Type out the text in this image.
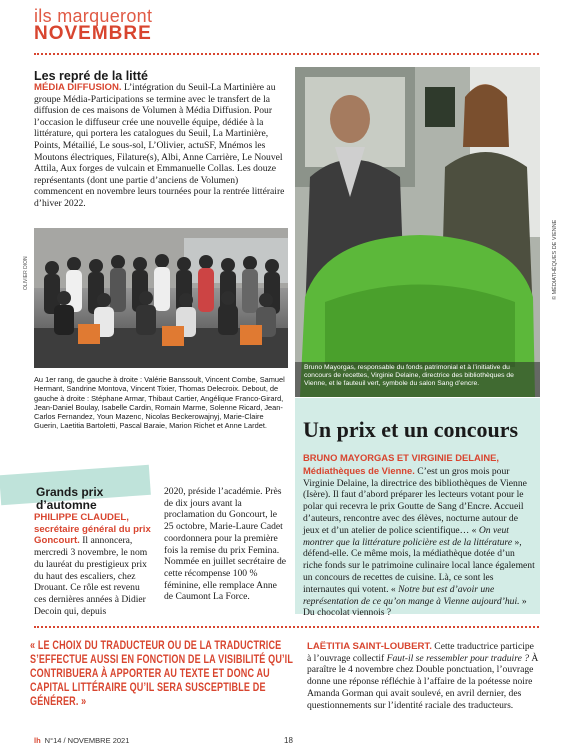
ils marqueront
NOVEMBRE
Les repré de la litté
MÉDIA DIFFUSION. L’intégration du Seuil-La Martinière au groupe Média-Participations se termine avec le transfert de la diffusion de ces maisons de Volumen à Média Diffusion. Pour l’occasion le diffuseur crée une nouvelle équipe, dédiée à la littérature, qui portera les catalogues du Seuil, La Martinière, Points, Métailié, Le sous-sol, L’Olivier, actuSF, Mnémos les Moutons électriques, Filature(s), Albi, Anne Carrière, Le Nouvel Attila, Aux forges de vulcain et Emmanuelle Collas. Les douze représentants (dont une partie d’anciens de Volumen) commencent en novembre leurs tournées pour la rentrée littéraire d’hiver 2022.
OLIVIER DION
Au 1er rang, de gauche à droite : Valérie Banssoult, Vincent Combe, Samuel Hermant, Sandrine Montova, Vincent Tixier, Thomas Delecroix. Debout, de gauche à droite : Stéphane Armar, Thibaut Cartier, Angélique Franco-Girard, Jean-Daniel Boulay, Isabelle Cardin, Romain Marme, Solenne Ricard, Jean-Carlos Fernandez, Youn Mazenc, Nicolas Beckerowajnyj, Marie-Claire Guerin, Laetitia Bartoletti, Pascal Baraie, Marion Richet et Anne Lardet.
Bruno Mayorgas, responsable du fonds patrimonial et à l’initiative du concours de recettes, Virginie Delaine, directrice des bibliothèques de Vienne, et le fauteuil vert, symbole du salon Sang d’encre.
© MÉDIATHÈQUES DE VIENNE
Un prix et un concours
BRUNO MAYORGAS ET VIRGINIE DELAINE, Médiathèques de Vienne. C’est un gros mois pour Virginie Delaine, la directrice des bibliothèques de Vienne (Isère). Il faut d’abord préparer les lecteurs votant pour le polar qui recevra le prix Goutte de Sang d’Encre. Accueil d’auteurs, rencontre avec des élèves, nocturne autour de jeux et d’un atelier de police scientifique… « On veut montrer que la littérature policière est de la littérature », défend-elle. Ce même mois, la médiathèque dotée d’un riche fonds sur le patrimoine culinaire local lance également un concours de recettes de cuisine. Là, ce sont les internautes qui votent. « Notre but est d’avoir une représentation de ce qu’on mange à Vienne aujourd’hui. » Du chocolat viennois ?
Grands prix d’automne
PHILIPPE CLAUDEL, secrétaire général du prix Goncourt. Il annoncera, mercredi 3 novembre, le nom du lauréat du prestigieux prix du haut des escaliers, chez Drouant. Ce rôle est revenu ces dernières années à Didier Decoin qui, depuis
2020, préside l’académie. Près de dix jours avant la proclamation du Goncourt, le 25 octobre, Marie-Laure Cadet coordonnera pour la première fois la remise du prix Femina. Nommée en juillet secrétaire de cette récompense 100 % féminine, elle remplace Anne de Caumont La Force.
« LE CHOIX DU TRADUCTEUR OU DE LA TRADUCTRICE S’EFFECTUE AUSSI EN FONCTION DE LA VISIBILITÉ QU’IL CONTRIBUERA À APPORTER AU TEXTE ET DONC AU CAPITAL LITTÉRAIRE QU’IL SERA SUSCEPTIBLE DE GÉNÉRER. »
LAËTITIA SAINT-LOUBERT. Cette traductrice participe à l’ouvrage collectif Faut-il se ressembler pour traduire ? À paraître le 4 novembre chez Double ponctuation, l’ouvrage donne une réponse réfléchie à l’affaire de la poétesse noire Amanda Gorman qui avait soulevé, en avril dernier, des questionnements sur l’identité raciale des traducteurs.
lh N°14 / NOVEMBRE 2021	18
